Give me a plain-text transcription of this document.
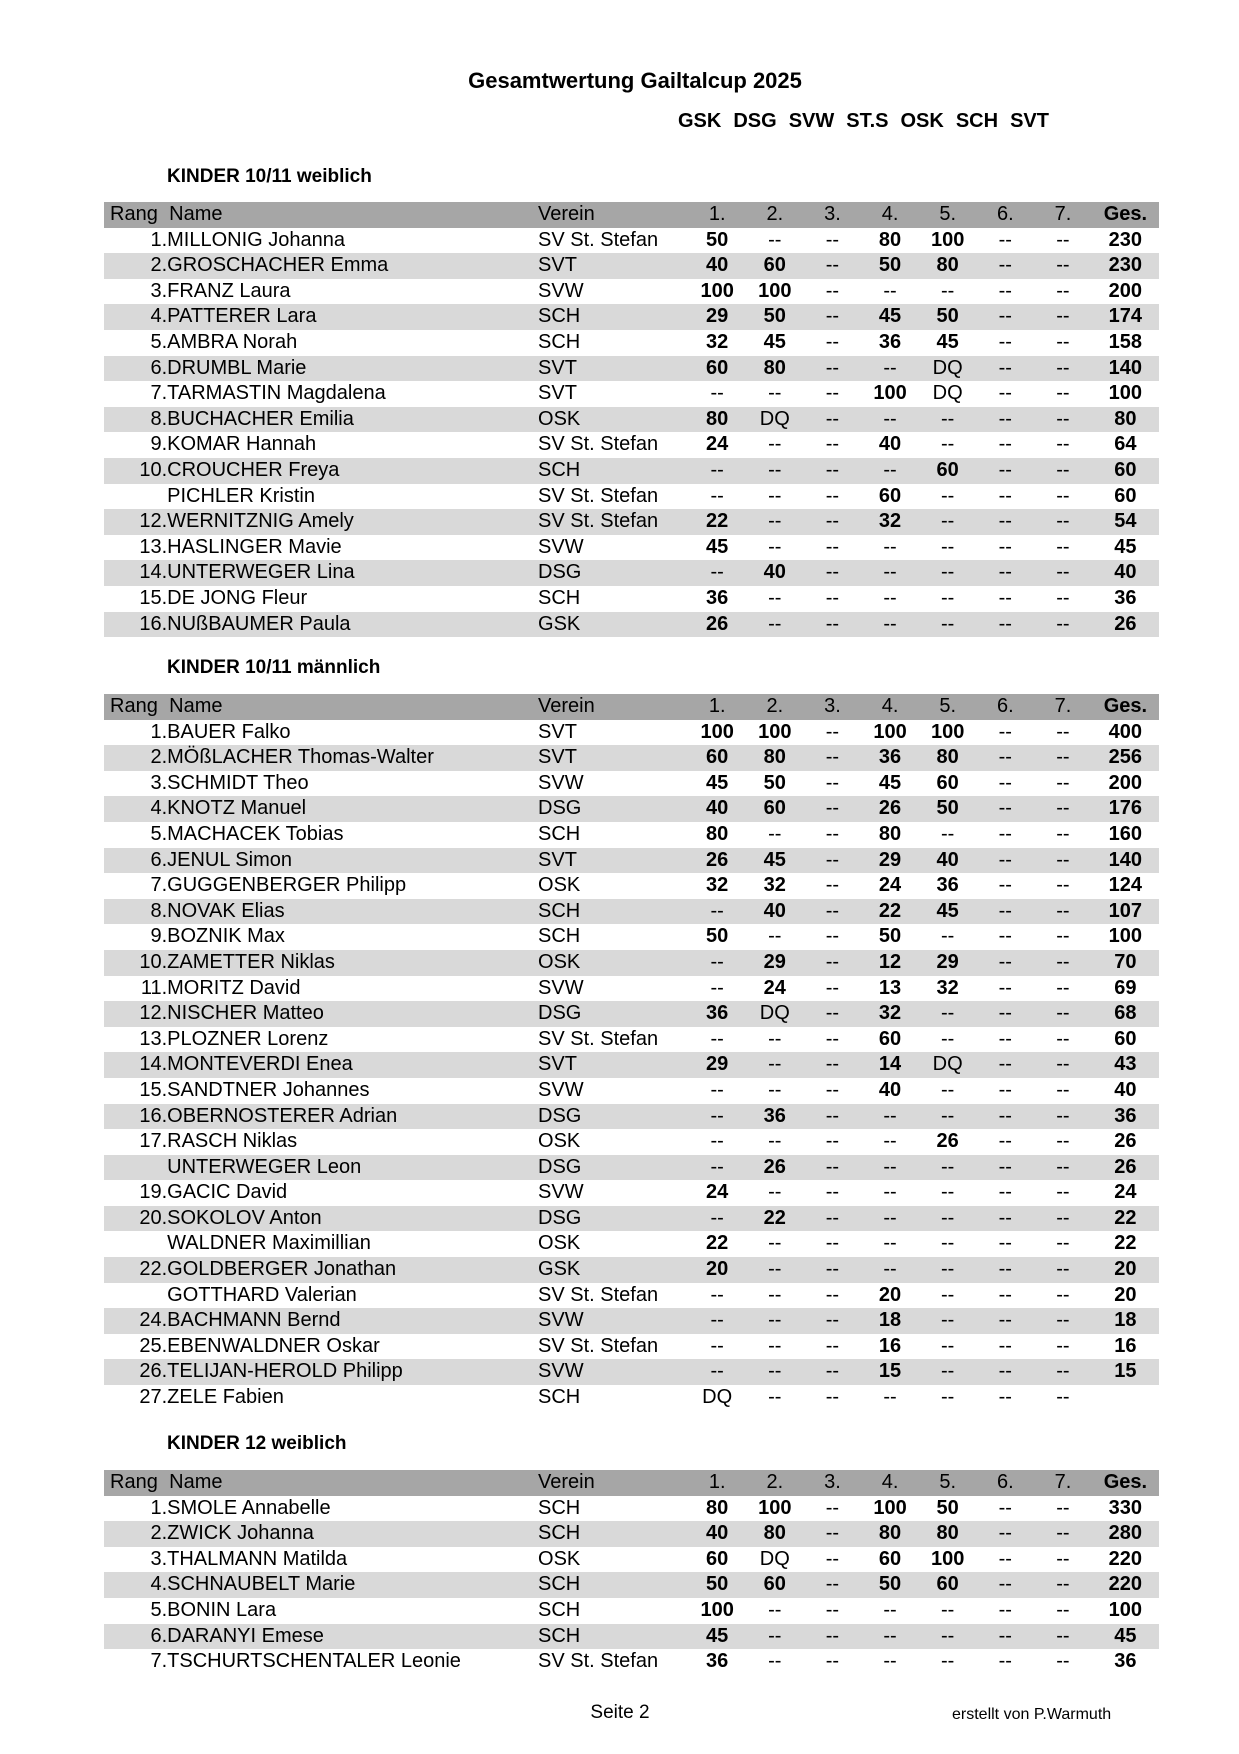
Gesamtwertung Gailtalcup 2025
GSK DSG SVW ST.S OSK SCH SVT
KINDER 10/11 weiblich
Rang	Name	Verein	1.	2.	3.	4.	5.	6.	7.	Ges.
1.	MILLONIG Johanna	SV St. Stefan	50	--	--	80	100	--	--	230
2.	GROSCHACHER Emma	SVT	40	60	--	50	80	--	--	230
3.	FRANZ Laura	SVW	100	100	--	--	--	--	--	200
4.	PATTERER Lara	SCH	29	50	--	45	50	--	--	174
5.	AMBRA Norah	SCH	32	45	--	36	45	--	--	158
6.	DRUMBL Marie	SVT	60	80	--	--	DQ	--	--	140
7.	TARMASTIN Magdalena	SVT	--	--	--	100	DQ	--	--	100
8.	BUCHACHER Emilia	OSK	80	DQ	--	--	--	--	--	80
9.	KOMAR Hannah	SV St. Stefan	24	--	--	40	--	--	--	64
10.	CROUCHER Freya	SCH	--	--	--	--	60	--	--	60
	PICHLER Kristin	SV St. Stefan	--	--	--	60	--	--	--	60
12.	WERNITZNIG Amely	SV St. Stefan	22	--	--	32	--	--	--	54
13.	HASLINGER Mavie	SVW	45	--	--	--	--	--	--	45
14.	UNTERWEGER Lina	DSG	--	40	--	--	--	--	--	40
15.	DE JONG Fleur	SCH	36	--	--	--	--	--	--	36
16.	NUßBAUMER Paula	GSK	26	--	--	--	--	--	--	26
KINDER 10/11 männlich
Rang	Name	Verein	1.	2.	3.	4.	5.	6.	7.	Ges.
1.	BAUER Falko	SVT	100	100	--	100	100	--	--	400
2.	MÖßLACHER Thomas-Walter	SVT	60	80	--	36	80	--	--	256
3.	SCHMIDT Theo	SVW	45	50	--	45	60	--	--	200
4.	KNOTZ Manuel	DSG	40	60	--	26	50	--	--	176
5.	MACHACEK Tobias	SCH	80	--	--	80	--	--	--	160
6.	JENUL Simon	SVT	26	45	--	29	40	--	--	140
7.	GUGGENBERGER Philipp	OSK	32	32	--	24	36	--	--	124
8.	NOVAK Elias	SCH	--	40	--	22	45	--	--	107
9.	BOZNIK Max	SCH	50	--	--	50	--	--	--	100
10.	ZAMETTER Niklas	OSK	--	29	--	12	29	--	--	70
11.	MORITZ David	SVW	--	24	--	13	32	--	--	69
12.	NISCHER Matteo	DSG	36	DQ	--	32	--	--	--	68
13.	PLOZNER Lorenz	SV St. Stefan	--	--	--	60	--	--	--	60
14.	MONTEVERDI Enea	SVT	29	--	--	14	DQ	--	--	43
15.	SANDTNER Johannes	SVW	--	--	--	40	--	--	--	40
16.	OBERNOSTERER Adrian	DSG	--	36	--	--	--	--	--	36
17.	RASCH Niklas	OSK	--	--	--	--	26	--	--	26
	UNTERWEGER Leon	DSG	--	26	--	--	--	--	--	26
19.	GACIC David	SVW	24	--	--	--	--	--	--	24
20.	SOKOLOV Anton	DSG	--	22	--	--	--	--	--	22
	WALDNER Maximillian	OSK	22	--	--	--	--	--	--	22
22.	GOLDBERGER Jonathan	GSK	20	--	--	--	--	--	--	20
	GOTTHARD Valerian	SV St. Stefan	--	--	--	20	--	--	--	20
24.	BACHMANN Bernd	SVW	--	--	--	18	--	--	--	18
25.	EBENWALDNER Oskar	SV St. Stefan	--	--	--	16	--	--	--	16
26.	TELIJAN-HEROLD Philipp	SVW	--	--	--	15	--	--	--	15
27.	ZELE Fabien	SCH	DQ	--	--	--	--	--	--	
KINDER 12 weiblich
Rang	Name	Verein	1.	2.	3.	4.	5.	6.	7.	Ges.
1.	SMOLE Annabelle	SCH	80	100	--	100	50	--	--	330
2.	ZWICK Johanna	SCH	40	80	--	80	80	--	--	280
3.	THALMANN Matilda	OSK	60	DQ	--	60	100	--	--	220
4.	SCHNAUBELT Marie	SCH	50	60	--	50	60	--	--	220
5.	BONIN Lara	SCH	100	--	--	--	--	--	--	100
6.	DARANYI Emese	SCH	45	--	--	--	--	--	--	45
7.	TSCHURTSCHENTALER Leonie	SV St. Stefan	36	--	--	--	--	--	--	36
Seite 2	erstellt von P.Warmuth
